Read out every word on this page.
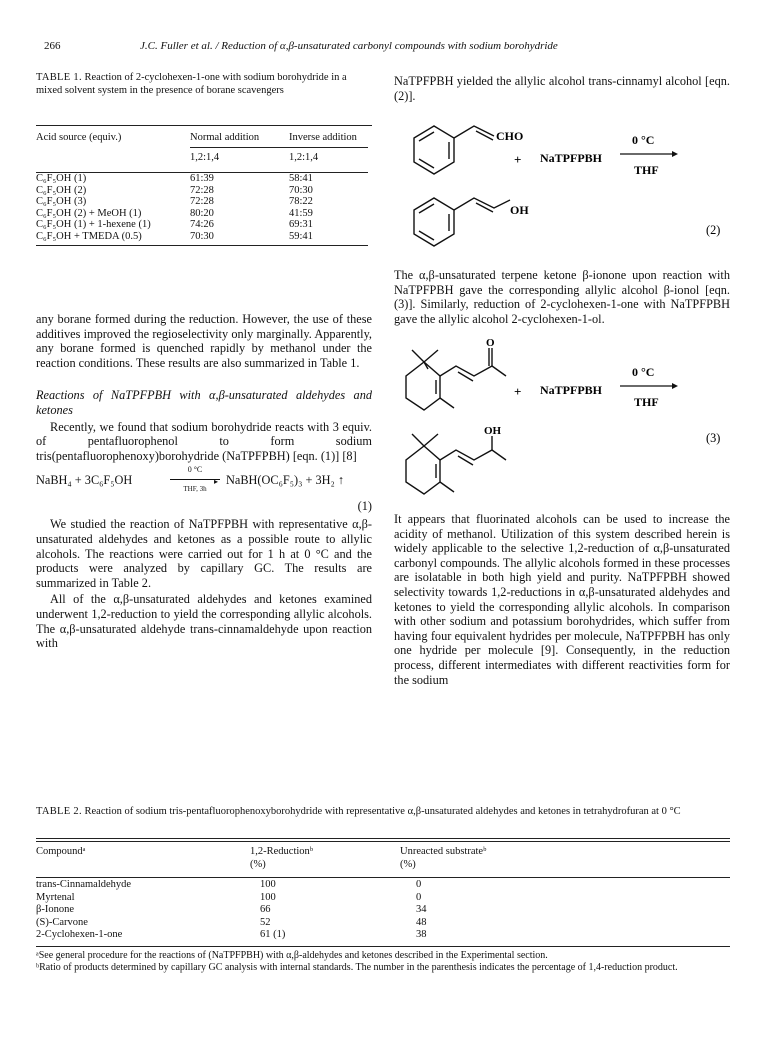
266	J.C. Fuller et al. / Reduction of α,β-unsaturated carbonyl compounds with sodium borohydride
TABLE 1. Reaction of 2-cyclohexen-1-one with sodium borohydride in a mixed solvent system in the presence of borane scavengers

Acid source (equiv.)	Normal addition	Inverse addition

	1,2:1,4	1,2:1,4

C₆F₅OH (1)	61:39	58:41
C₆F₅OH (2)	72:28	70:30
C₆F₅OH (3)	72:28	78:22
C₆F₅OH (2) + MeOH (1)	80:20	41:59
C₆F₅OH (1) + 1-hexene (1)	74:26	69:31
C₆F₅OH + TMEDA (0.5)	70:30	59:41

any borane formed during the reduction. However, the use of these additives improved the regioselectivity only marginally. Apparently, any borane formed is quenched rapidly by methanol under the reaction conditions. These results are also summarized in Table 1.

Reactions of NaTPFPBH with α,β-unsaturated aldehydes and ketones

Recently, we found that sodium borohydride reacts with 3 equiv. of pentafluorophenol to form sodium tris(pentafluorophenoxy)borohydride (NaTPFPBH) [eqn. (1)] [8]

NaBH₄ + 3C₆F₅OH
0 °C
▸
THF, 3h
NaBH(OC₆F₅)₃ + 3H₂ ↑
(1)

We studied the reaction of NaTPFPBH with representative α,β-unsaturated aldehydes and ketones as a possible route to allylic alcohols. The reactions were carried out for 1 h at 0 °C and the products were analyzed by capillary GC. The results are summarized in Table 2.

All of the α,β-unsaturated aldehydes and ketones examined underwent 1,2-reduction to yield the corresponding allylic alcohols. The α,β-unsaturated aldehyde trans-cinnamaldehyde upon reaction with

NaTPFPBH yielded the allylic alcohol trans-cinnamyl alcohol [eqn. (2)].
CHO
+ NaTPFPBH
0 °C
THF
OH
(2)
The α,β-unsaturated terpene ketone β-ionone upon reaction with NaTPFPBH gave the corresponding allylic alcohol β-ionol [eqn. (3)]. Similarly, reduction of 2-cyclohexen-1-one with NaTPFPBH gave the allylic alcohol 2-cyclohexen-1-ol.
O
+ NaTPFPBH
0 °C
THF
OH	(3)
It appears that fluorinated alcohols can be used to increase the acidity of methanol. Utilization of this system described herein is widely applicable to the selective 1,2-reduction of α,β-unsaturated carbonyl compounds. The allylic alcohols formed in these processes are isolatable in both high yield and purity. NaTPFPBH showed selectivity towards 1,2-reductions in α,β-unsaturated aldehydes and ketones to yield the corresponding allylic alcohols. In comparison with other sodium and potassium borohydrides, which suffer from having four equivalent hydrides per molecule, NaTPFPBH has only one hydride per molecule [9]. Consequently, in the reduction process, different intermediates with different reactivities form for the sodium
TABLE 2. Reaction of sodium tris-pentafluorophenoxyborohydride with representative α,β-unsaturated aldehydes and ketones in tetrahydrofuran at 0 °C
Compoundᵃ	1,2-Reductionᵇ	Unreacted substrateᵇ
	(%)	(%)

trans-Cinnamaldehyde	100	0
Myrtenal	100	0
β-Ionone	66	34
(S)-Carvone	52	48
2-Cyclohexen-1-one	61 (1)	38
ᵃSee general procedure for the reactions of (NaTPFPBH) with α,β-aldehydes and ketones described in the Experimental section.
ᵇRatio of products determined by capillary GC analysis with internal standards. The number in the parenthesis indicates the percentage of 1,4-reduction product.
